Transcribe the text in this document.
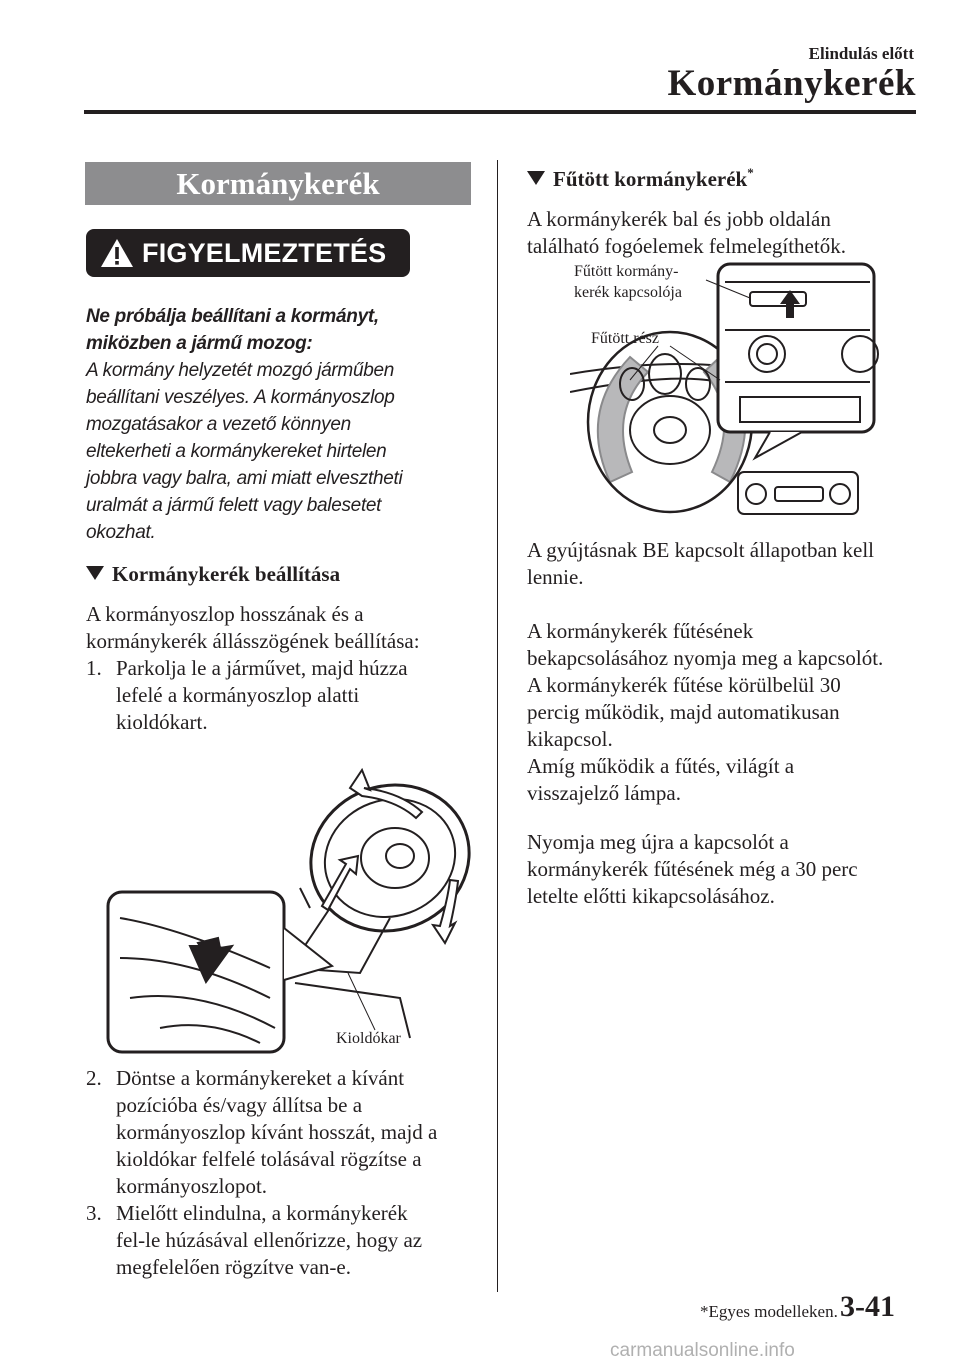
Elindulás előtt
Kormánykerék
Kormánykerék
FIGYELMEZTETÉS
Ne próbálja beállítani a kormányt,
miközben a jármű mozog:
A kormány helyzetét mozgó járműben
beállítani veszélyes. A kormányoszlop
mozgatásakor a vezető könnyen
eltekerheti a kormánykereket hirtelen
jobbra vagy balra, ami miatt elvesztheti
uralmát a jármű felett vagy balesetet
okozhat.
Kormánykerék beállítása
A kormányoszlop hosszának és a
kormánykerék állásszögének beállítása:
1. Parkolja le a járművet, majd húzza
lefelé a kormányoszlop alatti
kioldókart.
Kioldókar
2. Döntse a kormánykereket a kívánt
pozícióba és/vagy állítsa be a
kormányoszlop kívánt hosszát, majd a
kioldókar felfelé tolásával rögzítse a
kormányoszlopot.
3. Mielőtt elindulna, a kormánykerék
fel-le húzásával ellenőrizze, hogy az
megfelelően rögzítve van-e.
Fűtött kormánykerék*
A kormánykerék bal és jobb oldalán
található fogóelemek felmelegíthetők.
Fűtött kormány-
kerék kapcsolója
Fűtött rész
A gyújtásnak BE kapcsolt állapotban kell
lennie.
A kormánykerék fűtésének
bekapcsolásához nyomja meg a kapcsolót.
A kormánykerék fűtése körülbelül 30
percig működik, majd automatikusan
kikapcsol.
Amíg működik a fűtés, világít a
visszajelző lámpa.
Nyomja meg újra a kapcsolót a
kormánykerék fűtésének még a 30 perc
letelte előtti kikapcsolásához.
*Egyes modelleken. 3-41
carmanualsonline.info
